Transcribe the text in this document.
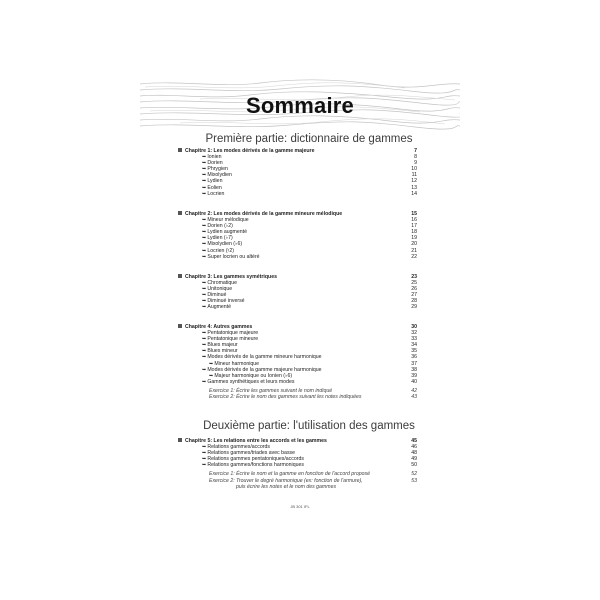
Sommaire
Première partie: dictionnaire de gammes
Deuxième partie: l'utilisation des gammes
Chapitre 1: Les modes dérivés de la gamme majeure	7
➥Ionien	8
➥Dorien	9
➥Phrygien	10
➥Mixolydien	11
➥Lydien	12
➥Eolien	13
➥Locrien	14
Chapitre 2: Les modes dérivés de la gamme mineure mélodique	15
➥Mineur mélodique	16
➥Dorien (♭2)	17
➥Lydien augmenté	18
➥Lydien (♭7)	19
➥Mixolydien (♭6)	20
➥Locrien (♮2)	21
➥Super locrien ou altéré	22
Chapitre 3: Les gammes symétriques	23
➥Chromatique	25
➥Unitonique	26
➥Diminué	27
➥Diminué inversé	28
➥Augmenté	29
Chapitre 4: Autres gammes	30
➥Pentatonique majeure	32
➥Pentatonique mineure	33
➥Blues majeur	34
➥Blues mineur	35
➥Modes dérivés de la gamme mineure harmonique	36
➥Mineur harmonique	37
➥Modes dérivés de la gamme majeure harmonique	38
➥Majeur harmonique ou Ionien (♭6)	39
➥Gammes synthétiques et leurs modes	40
Exercice 1: Écrire les gammes suivant le nom indiqué	42
Exercice 2: Écrire le nom des gammes suivant les notes indiquées	43
Chapitre 5: Les relations entre les accords et les gammes	45
➥Relations gammes/accords	46
➥Relations gammes/triades avec basse	48
➥Relations gammes pentatoniques/accords	49
➥Relations gammes/fonctions harmoniques	50
Exercice 1: Écrire le nom et la gamme en fonction de l'accord proposé	52
Exercice 2: Trouver le degré harmonique (ex: fonction de l'armure),	53
puis écrire les notes et le nom des gammes
JB 301 IFL
